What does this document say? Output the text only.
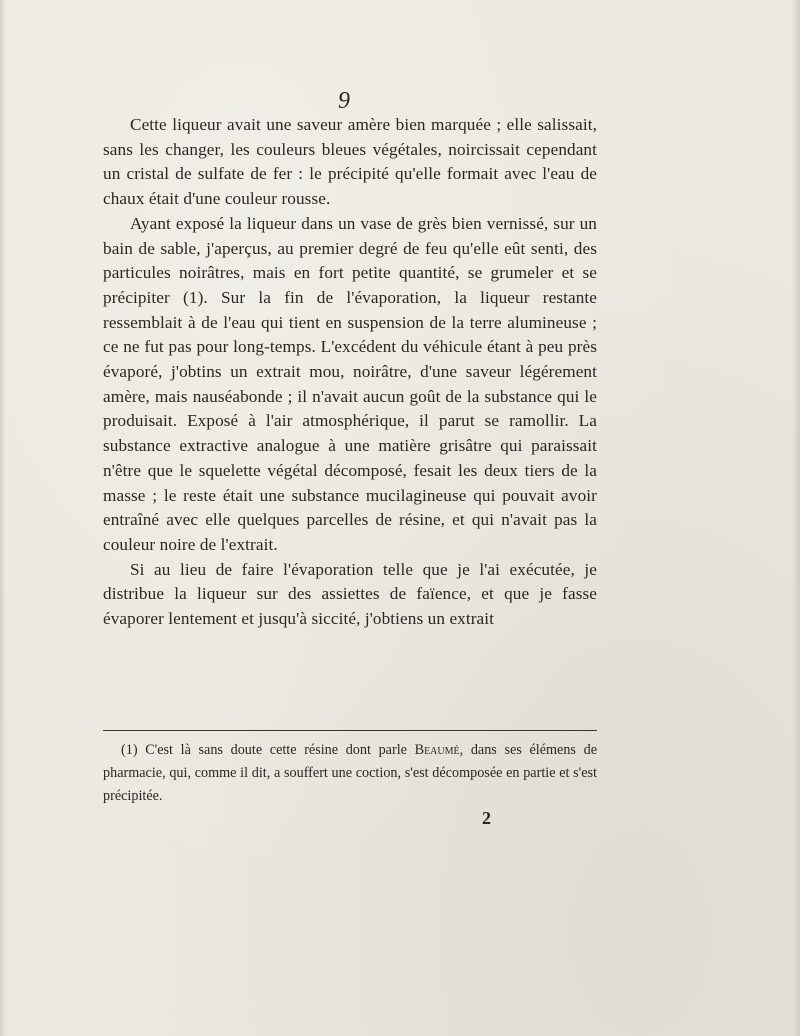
9

Cette liqueur avait une saveur amère bien marquée ; elle salissait, sans les changer, les couleurs bleues végétales, noircissait cependant un cristal de sulfate de fer : le précipité qu'elle formait avec l'eau de chaux était d'une couleur rousse.

Ayant exposé la liqueur dans un vase de grès bien vernissé, sur un bain de sable, j'aperçus, au premier degré de feu qu'elle eût senti, des particules noirâtres, mais en fort petite quantité, se grumeler et se précipiter (1). Sur la fin de l'évaporation, la liqueur restante ressemblait à de l'eau qui tient en suspension de la terre alumineuse ; ce ne fut pas pour long-temps. L'excédent du véhicule étant à peu près évaporé, j'obtins un extrait mou, noirâtre, d'une saveur légérement amère, mais nauséabonde ; il n'avait aucun goût de la substance qui le produisait. Exposé à l'air atmosphérique, il parut se ramollir. La substance extractive analogue à une matière grisâtre qui paraissait n'être que le squelette végétal décomposé, fesait les deux tiers de la masse ; le reste était une substance mucilagineuse qui pouvait avoir entraîné avec elle quelques parcelles de résine, et qui n'avait pas la couleur noire de l'extrait.

Si au lieu de faire l'évaporation telle que je l'ai exécutée, je distribue la liqueur sur des assiettes de faïence, et que je fasse évaporer lentement et jusqu'à siccité, j'obtiens un extrait

(1) C'est là sans doute cette résine dont parle Beaumé, dans ses élémens de pharmacie, qui, comme il dit, a souffert une coction, s'est décomposée en partie et s'est précipitée.

2
